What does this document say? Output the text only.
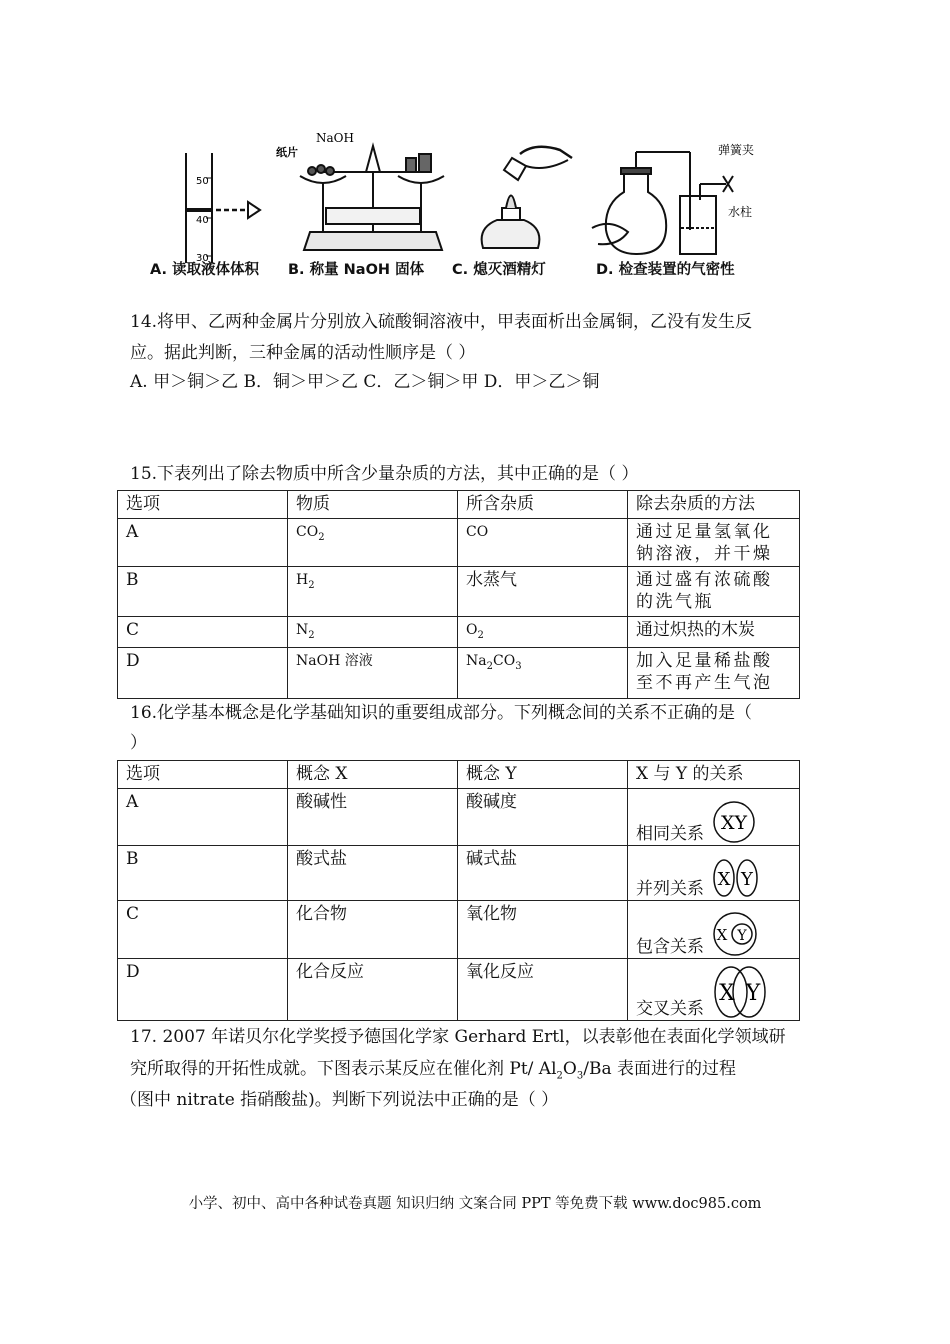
50
40
30
纸片
NaOH
弹簧夹
水柱
A. 读取液体体积 B. 称量 NaOH 固体 C. 熄灭酒精灯	D. 检查装置的气密性
14.将甲、乙两种金属片分别放入硫酸铜溶液中，甲表面析出金属铜，乙没有发生反
应。据此判断，三种金属的活动性顺序是（ ）
A. 甲＞铜＞乙 B．铜＞甲＞乙 C．乙＞铜＞甲 D．甲＞乙＞铜
15.下表列出了除去物质中所含少量杂质的方法，其中正确的是（ ）
选项	物质	所含杂质	除去杂质的方法
A	$CO_2$	CO	通过足量氢氧化
钠溶液，并干燥

B	$H_2$	水蒸气	通过盛有浓硫酸
的洗气瓶

C	$N_2$	$O_2$	通过炽热的木炭
D	NaOH 溶液	$Na_2CO_3$	加入足量稀盐酸
至不再产生气泡
16.化学基本概念是化学基础知识的重要组成部分。下列概念间的关系不正确的是（
）
选项	概念 X	概念 Y	X 与 Y 的关系
A	酸碱性	酸碱度	相同关系 XY

B	酸式盐	碱式盐	并列关系 X Y

C	化合物	氧化物	包含关系
X Y

D	化合反应	氧化反应	交叉关系
X Y
17. 2007 年诺贝尔化学奖授予德国化学家 Gerhard Ertl，以表彰他在表面化学领域研
究所取得的开拓性成就。下图表示某反应在催化剂 Pt/ $Al_2O_3/Ba$ 表面进行的过程
（图中 nitrate 指硝酸盐)。判断下列说法中正确的是（ ）
小学、初中、高中各种试卷真题 知识归纳 文案合同 PPT 等免费下载 www.doc985.com
